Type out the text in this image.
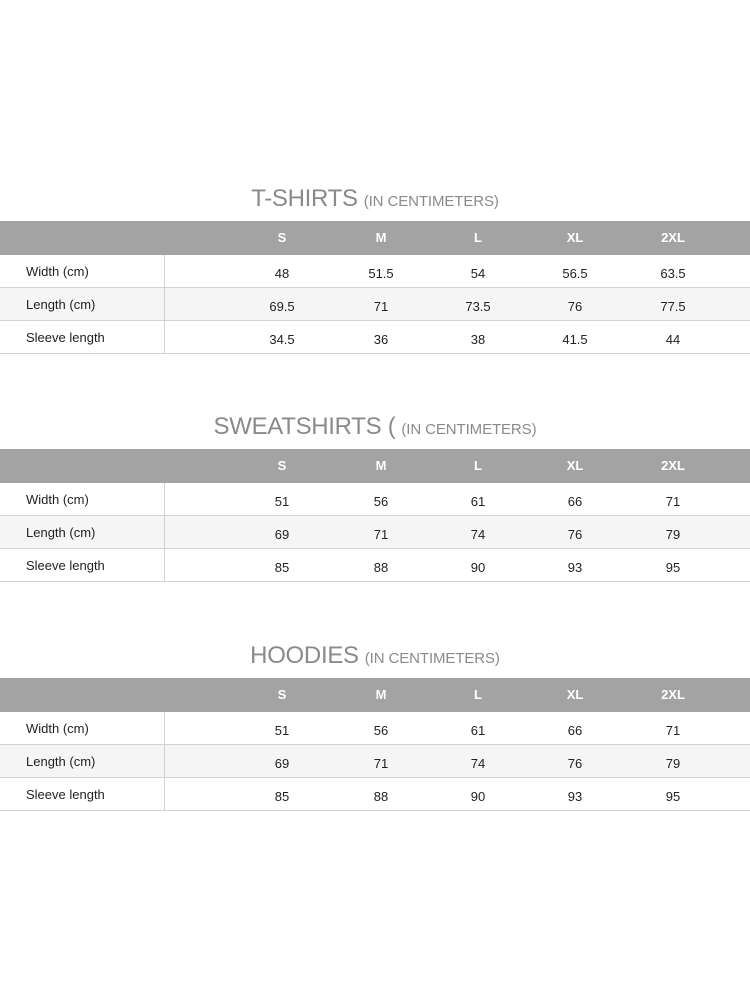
T-SHIRTS (IN CENTIMETERS)
S	M	L	XL	2XL
Width (cm)	48	51.5	54	56.5	63.5
Length (cm)	69.5	71	73.5	76	77.5
Sleeve length	34.5	36	38	41.5	44
SWEATSHIRTS ( (IN CENTIMETERS)
S	M	L	XL	2XL
Width (cm)	51	56	61	66	71
Length (cm)	69	71	74	76	79
Sleeve length	85	88	90	93	95
HOODIES (IN CENTIMETERS)
S	M	L	XL	2XL
Width (cm)	51	56	61	66	71
Length (cm)	69	71	74	76	79
Sleeve length	85	88	90	93	95
